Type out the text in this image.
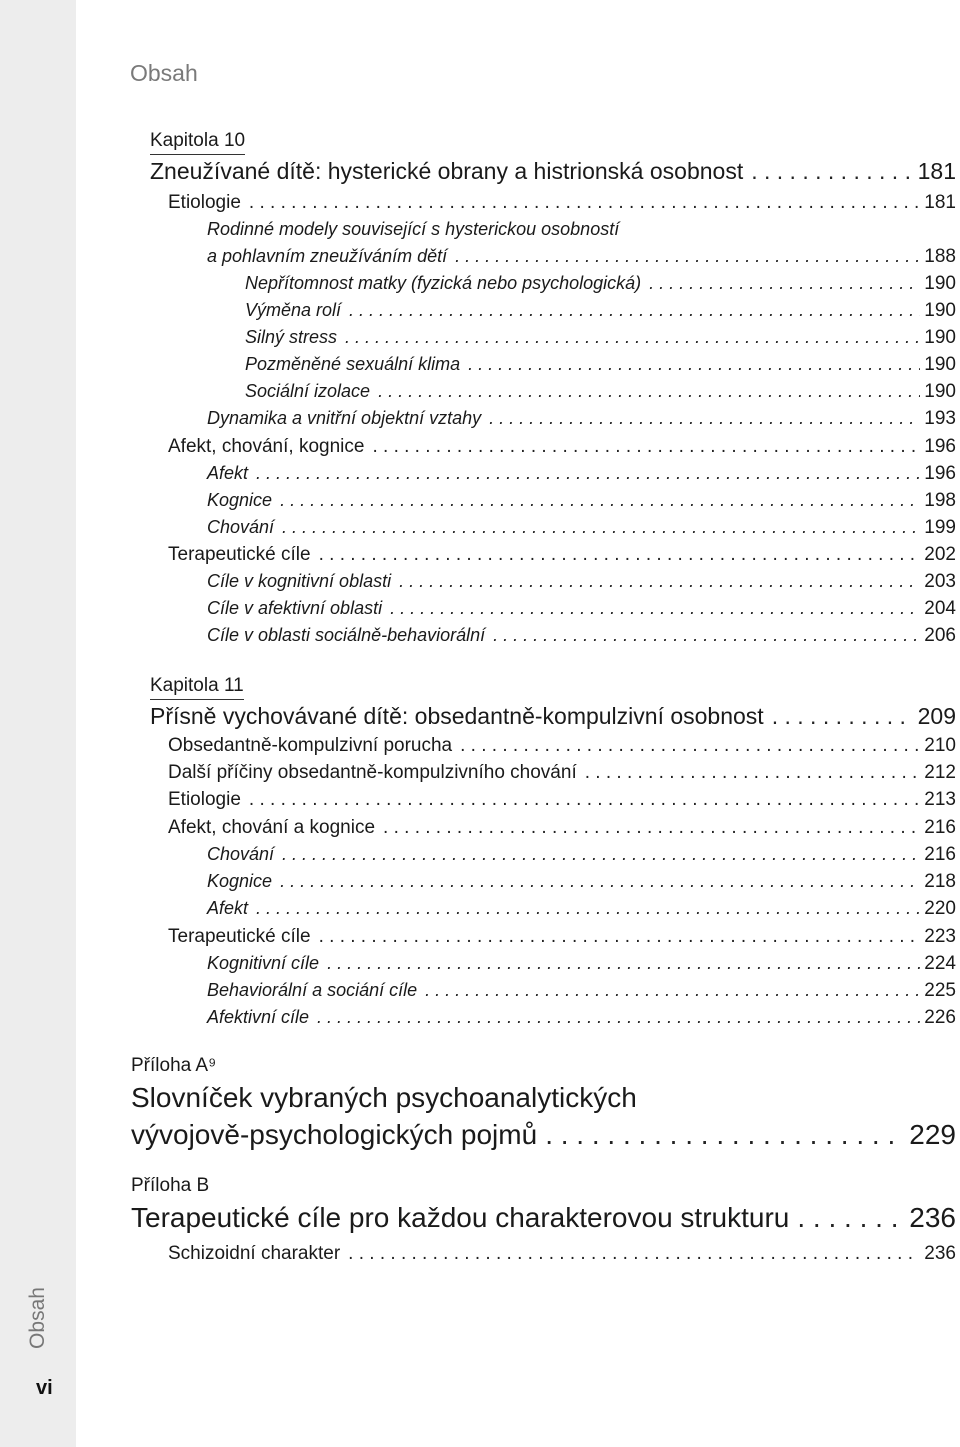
Obsah
vi
Obsah
Kapitola 10
Zneužívané dítě: hysterické obrany a histrionská osobnost . . .	181
Etiologie . . .	181
Rodinné modely související s hysterickou osobností
a pohlavním zneužíváním dětí . . .	188
Nepřítomnost matky (fyzická nebo psychologická) . . .	190
Výměna rolí . . .	190
Silný stress . . .	190
Pozměněné sexuální klima . . .	190
Sociální izolace . . .	190
Dynamika a vnitřní objektní vztahy . . .	193
Afekt, chování, kognice . . .	196
Afekt . . .	196
Kognice . . .	198
Chování . . .	199
Terapeutické cíle . . .	202
Cíle v kognitivní oblasti . . .	203
Cíle v afektivní oblasti . . .	204
Cíle v oblasti sociálně-behaviorální . . .	206
Kapitola 11
Přísně vychovávané dítě: obsedantně-kompulzivní osobnost . . .	209
Obsedantně-kompulzivní porucha . . .	210
Další příčiny obsedantně-kompulzivního chování . . .	212
Etiologie . . .	213
Afekt, chování a kognice . . .	216
Chování . . .	216
Kognice . . .	218
Afekt . . .	220
Terapeutické cíle . . .	223
Kognitivní cíle . . .	224
Behaviorální a sociání cíle . . .	225
Afektivní cíle . . .	226
Příloha A⁹
Slovníček vybraných psychoanalytických
vývojově-psychologických pojmů . . .	229
Příloha B
Terapeutické cíle pro každou charakterovou strukturu . . .	236
Schizoidní charakter . . .	236
